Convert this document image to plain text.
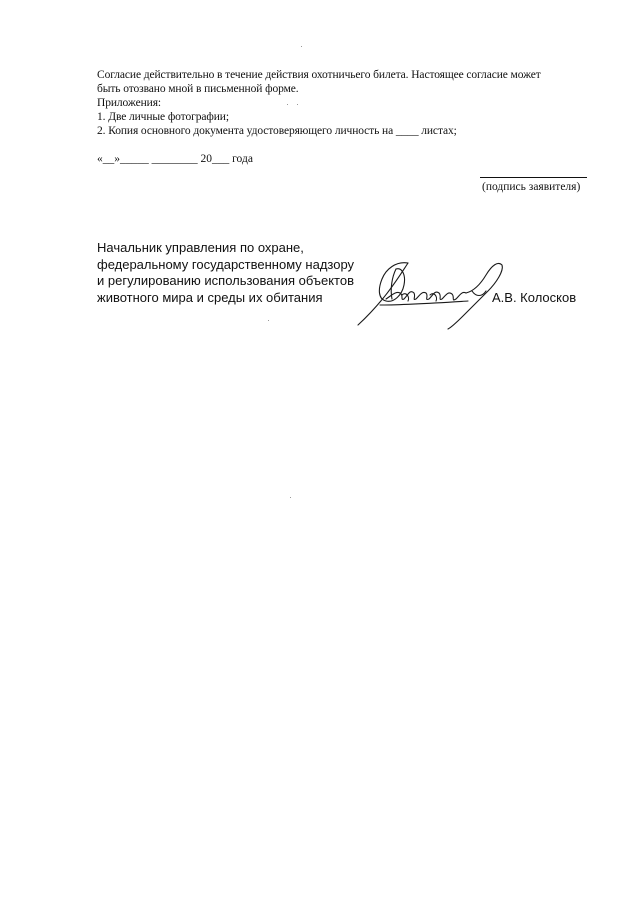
Согласие действительно в течение действия охотничьего билета. Настоящее согласие может
быть отозвано мной в письменной форме.
Приложения:
1. Две личные фотографии;
2. Копия основного документа удостоверяющего личность на ____ листах;
«__»_____ ________ 20___ года
(подпись заявителя)
Начальник управления по охране,
федеральному государственному надзору
и регулированию использования объектов
животного мира и среды их обитания	А.В. Колосков
